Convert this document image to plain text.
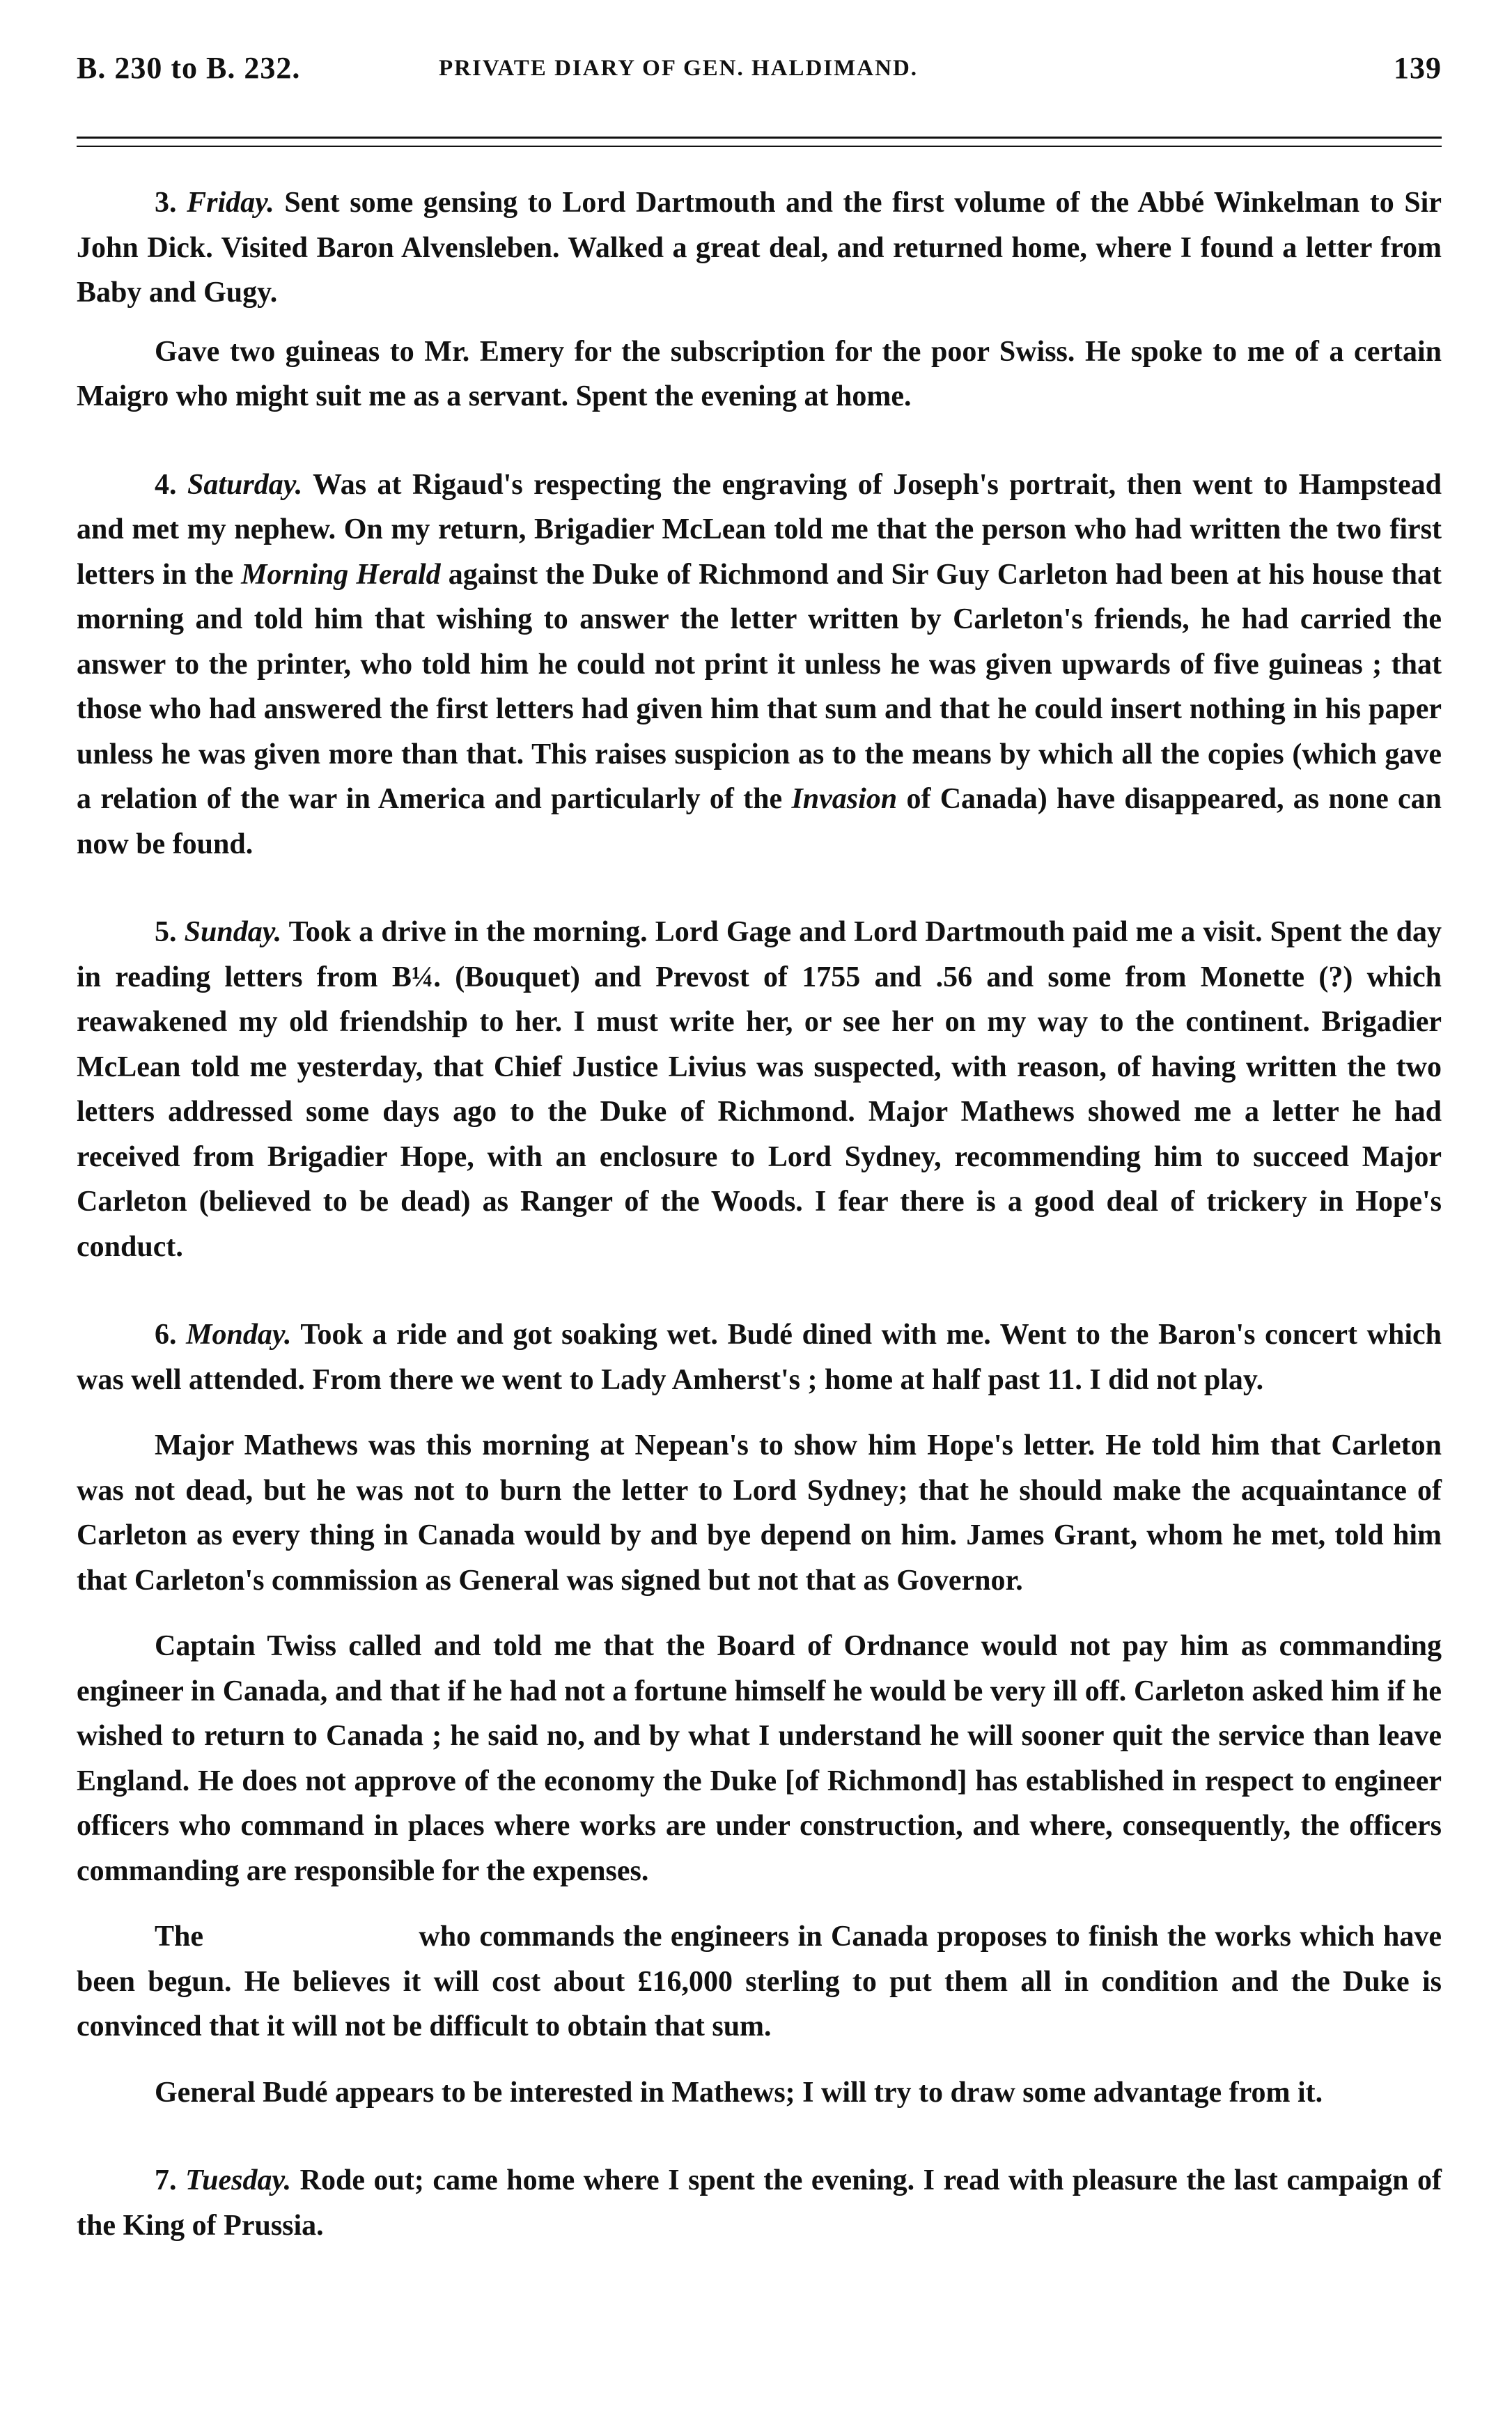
B. 230 to B. 232.	PRIVATE DIARY OF GEN. HALDIMAND.	139

3. Friday. Sent some gensing to Lord Dartmouth and the first volume of the Abbé Winkelman to Sir John Dick. Visited Baron Alvensleben. Walked a great deal, and returned home, where I found a letter from Baby and Gugy.

Gave two guineas to Mr. Emery for the subscription for the poor Swiss. He spoke to me of a certain Maigro who might suit me as a servant. Spent the evening at home.

4. Saturday. Was at Rigaud's respecting the engraving of Joseph's portrait, then went to Hampstead and met my nephew. On my return, Brigadier McLean told me that the person who had written the two first letters in the Morning Herald against the Duke of Richmond and Sir Guy Carleton had been at his house that morning and told him that wishing to answer the letter written by Carleton's friends, he had carried the answer to the printer, who told him he could not print it unless he was given upwards of five guineas ; that those who had answered the first letters had given him that sum and that he could insert nothing in his paper unless he was given more than that. This raises suspicion as to the means by which all the copies (which gave a relation of the war in America and particularly of the Invasion of Canada) have disappeared, as none can now be found.

5. Sunday. Took a drive in the morning. Lord Gage and Lord Dartmouth paid me a visit. Spent the day in reading letters from B¼. (Bouquet) and Prevost of 1755 and .56 and some from Monette (?) which reawakened my old friendship to her. I must write her, or see her on my way to the continent. Brigadier McLean told me yesterday, that Chief Justice Livius was suspected, with reason, of having written the two letters addressed some days ago to the Duke of Richmond. Major Mathews showed me a letter he had received from Brigadier Hope, with an enclosure to Lord Sydney, recommending him to succeed Major Carleton (believed to be dead) as Ranger of the Woods. I fear there is a good deal of trickery in Hope's conduct.

6. Monday. Took a ride and got soaking wet. Budé dined with me. Went to the Baron's concert which was well attended. From there we went to Lady Amherst's ; home at half past 11. I did not play.

Major Mathews was this morning at Nepean's to show him Hope's letter. He told him that Carleton was not dead, but he was not to burn the letter to Lord Sydney; that he should make the acquaintance of Carleton as every thing in Canada would by and bye depend on him. James Grant, whom he met, told him that Carleton's commission as General was signed but not that as Governor.

Captain Twiss called and told me that the Board of Ordnance would not pay him as commanding engineer in Canada, and that if he had not a fortune himself he would be very ill off. Carleton asked him if he wished to return to Canada ; he said no, and by what I understand he will sooner quit the service than leave England. He does not approve of the economy the Duke [of Richmond] has established in respect to engineer officers who command in places where works are under construction, and where, consequently, the officers commanding are responsible for the expenses.

The                         who commands the engineers in Canada proposes to finish the works which have been begun. He believes it will cost about £16,000 sterling to put them all in condition and the Duke is convinced that it will not be difficult to obtain that sum.

General Budé appears to be interested in Mathews; I will try to draw some advantage from it.

7. Tuesday. Rode out; came home where I spent the evening. I read with pleasure the last campaign of the King of Prussia.
